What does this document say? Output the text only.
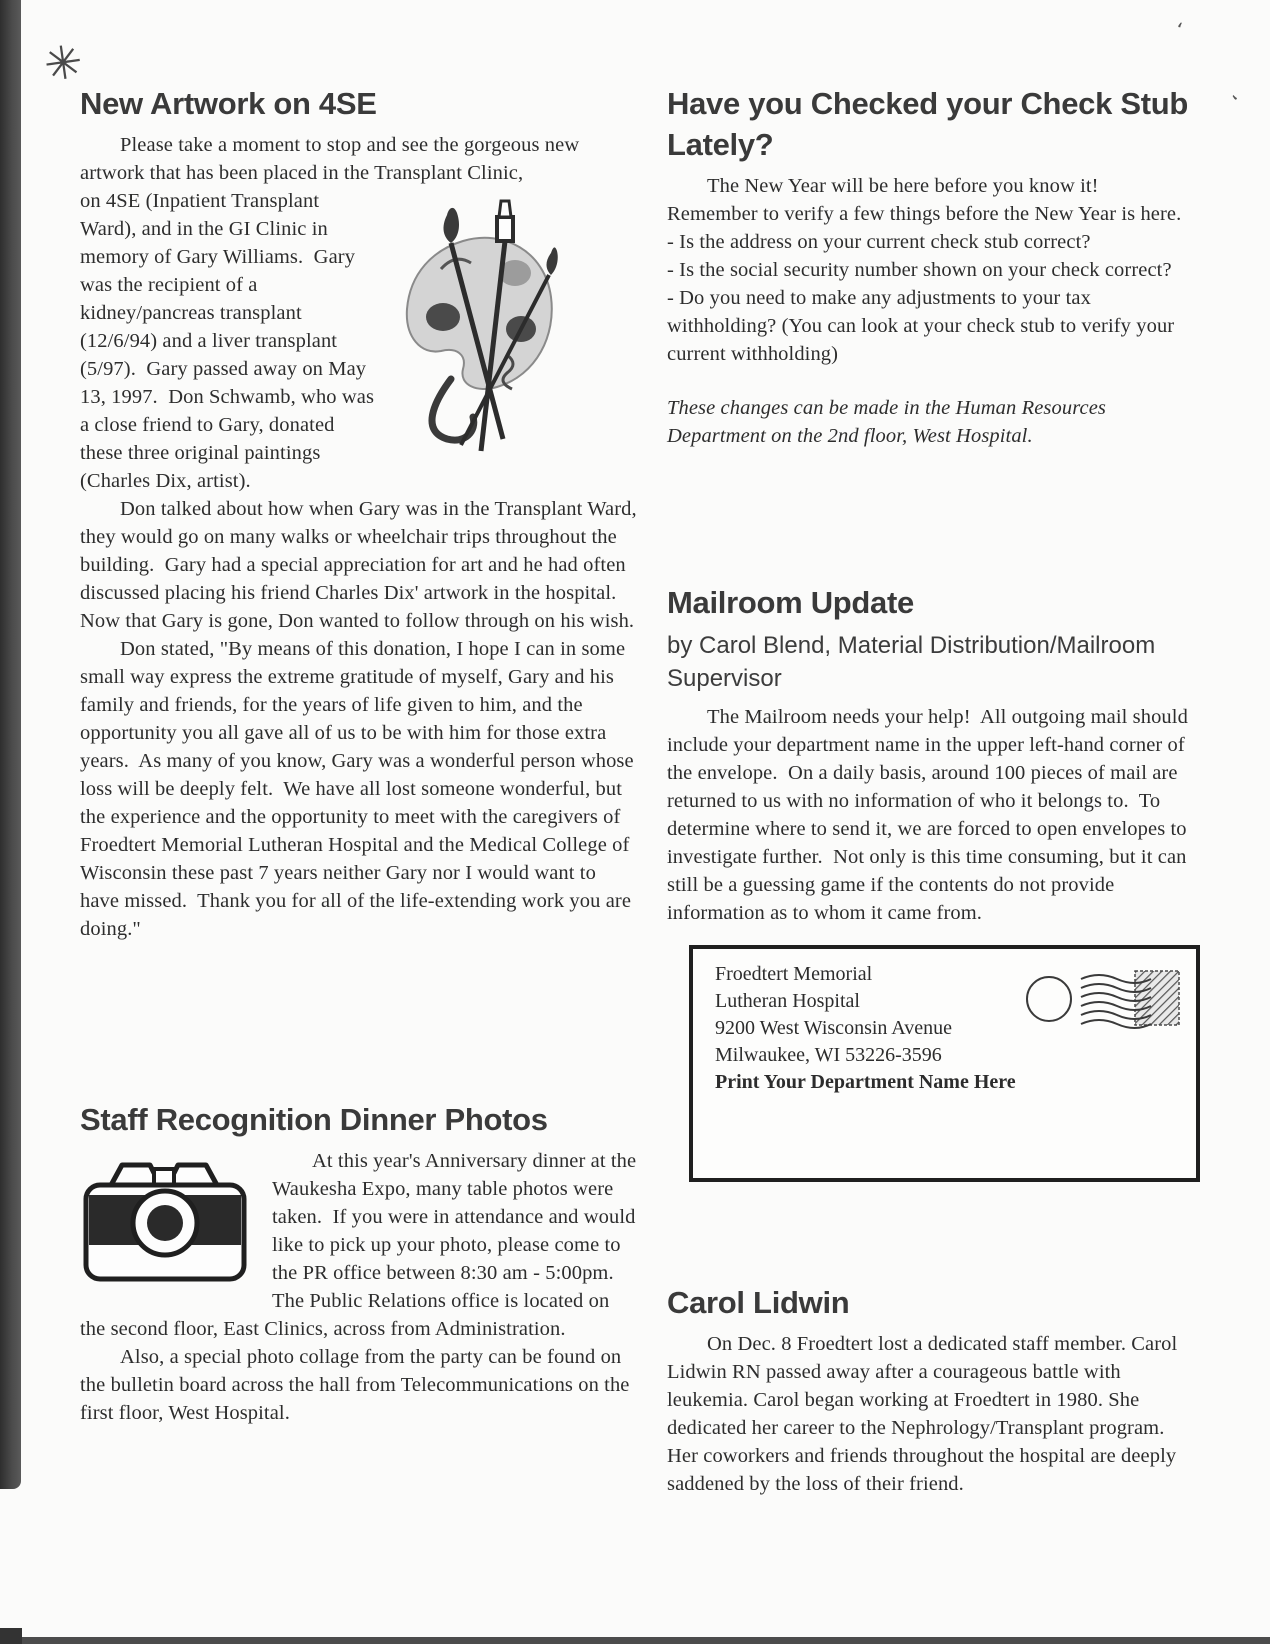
✳
ʻ
ʻ
New Artwork on 4SE

Please take a moment to stop and see the gorgeous new artwork that has been placed in the Transplant Clinic,

on 4SE (Inpatient Transplant Ward), and in the GI Clinic in memory of Gary Williams.  Gary was the recipient of a kidney/pancreas transplant (12/6/94) and a liver transplant (5/97).  Gary passed away on May 13, 1997.  Don Schwamb, who was a close friend to Gary, donated these three original paintings (Charles Dix, artist).

Don talked about how when Gary was in the Transplant Ward, they would go on many walks or wheelchair trips throughout the building.  Gary had a special appreciation for art and he had often discussed placing his friend Charles Dix' artwork in the hospital.  Now that Gary is gone, Don wanted to follow through on his wish.

Don stated, "By means of this donation, I hope I can in some small way express the extreme gratitude of myself, Gary and his family and friends, for the years of life given to him, and the opportunity you all gave all of us to be with him for those extra years.  As many of you know, Gary was a wonderful person whose loss will be deeply felt.  We have all lost someone wonderful, but the experience and the opportunity to meet with the caregivers of Froedtert Memorial Lutheran Hospital and the Medical College of Wisconsin these past 7 years neither Gary nor I would want to have missed.  Thank you for all of the life-extending work you are doing."

Staff Recognition Dinner Photos

At this year's Anniversary dinner at the Waukesha Expo, many table photos were taken.  If you were in attendance and would like to pick up your photo, please come to the PR office between 8:30 am - 5:00pm.  The Public Relations office is located on the second floor, East Clinics, across from Administration.

Also, a special photo collage from the party can be found on the bulletin board across the hall from Telecommunications on the first floor, West Hospital.

Have you Checked your Check Stub Lately?

The New Year will be here before you know it! Remember to verify a few things before the New Year is here.

- Is the address on your current check stub correct?

- Is the social security number shown on your check correct?

- Do you need to make any adjustments to your tax withholding? (You can look at your check stub to verify your current withholding)

These changes can be made in the Human Resources Department on the 2nd floor, West Hospital.

Mailroom Update

by Carol Blend, Material Distribution/Mailroom Supervisor

The Mailroom needs your help!  All outgoing mail should include your department name in the upper left-hand corner of the envelope.  On a daily basis, around 100 pieces of mail are returned to us with no information of who it belongs to.  To determine where to send it, we are forced to open envelopes to investigate further.  Not only is this time consuming, but it can still be a guessing game if the contents do not provide information as to whom it came from.

Froedtert Memorial
Lutheran Hospital
9200 West Wisconsin Avenue
Milwaukee, WI 53226-3596
Print Your Department Name Here
Carol Lidwin

On Dec. 8 Froedtert lost a dedicated staff member. Carol Lidwin RN passed away after a courageous battle with leukemia. Carol began working at Froedtert in 1980. She dedicated her career to the Nephrology/Transplant program. Her coworkers and friends throughout the hospital are deeply saddened by the loss of their friend.
